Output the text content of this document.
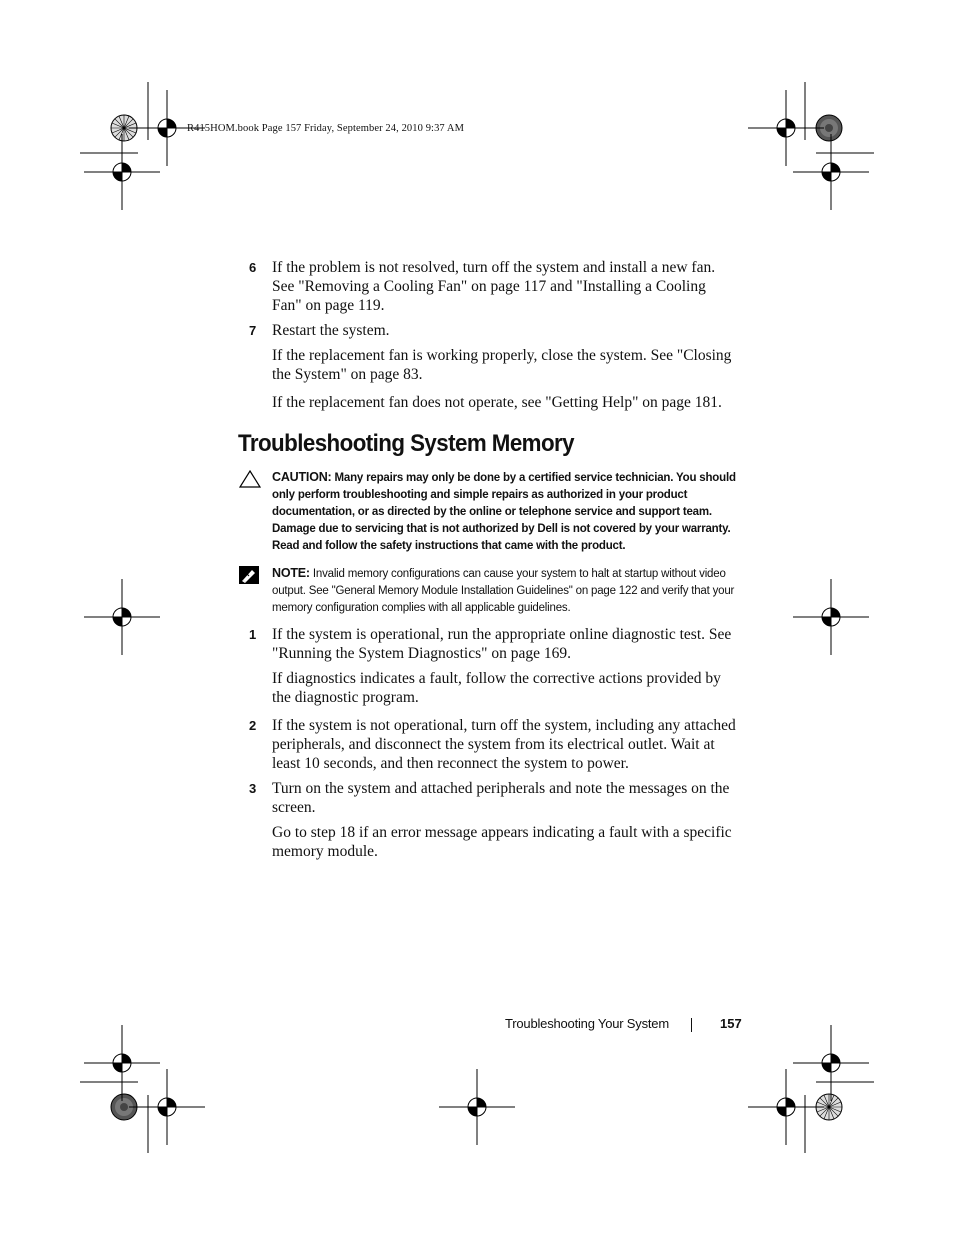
R415HOM.book Page 157 Friday, September 24, 2010 9:37 AM
6 If the problem is not resolved, turn off the system and install a new fan. See "Removing a Cooling Fan" on page 117 and "Installing a Cooling Fan" on page 119.
7 Restart the system.
If the replacement fan is working properly, close the system. See "Closing the System" on page 83.
If the replacement fan does not operate, see "Getting Help" on page 181.
Troubleshooting System Memory
CAUTION: Many repairs may only be done by a certified service technician. You should only perform troubleshooting and simple repairs as authorized in your product documentation, or as directed by the online or telephone service and support team. Damage due to servicing that is not authorized by Dell is not covered by your warranty. Read and follow the safety instructions that came with the product.
NOTE: Invalid memory configurations can cause your system to halt at startup without video output. See "General Memory Module Installation Guidelines" on page 122 and verify that your memory configuration complies with all applicable guidelines.
1 If the system is operational, run the appropriate online diagnostic test. See "Running the System Diagnostics" on page 169.
If diagnostics indicates a fault, follow the corrective actions provided by the diagnostic program.
2 If the system is not operational, turn off the system, including any attached peripherals, and disconnect the system from its electrical outlet. Wait at least 10 seconds, and then reconnect the system to power.
3 Turn on the system and attached peripherals and note the messages on the screen.
Go to step 18 if an error message appears indicating a fault with a specific memory module.
Troubleshooting Your System	157
